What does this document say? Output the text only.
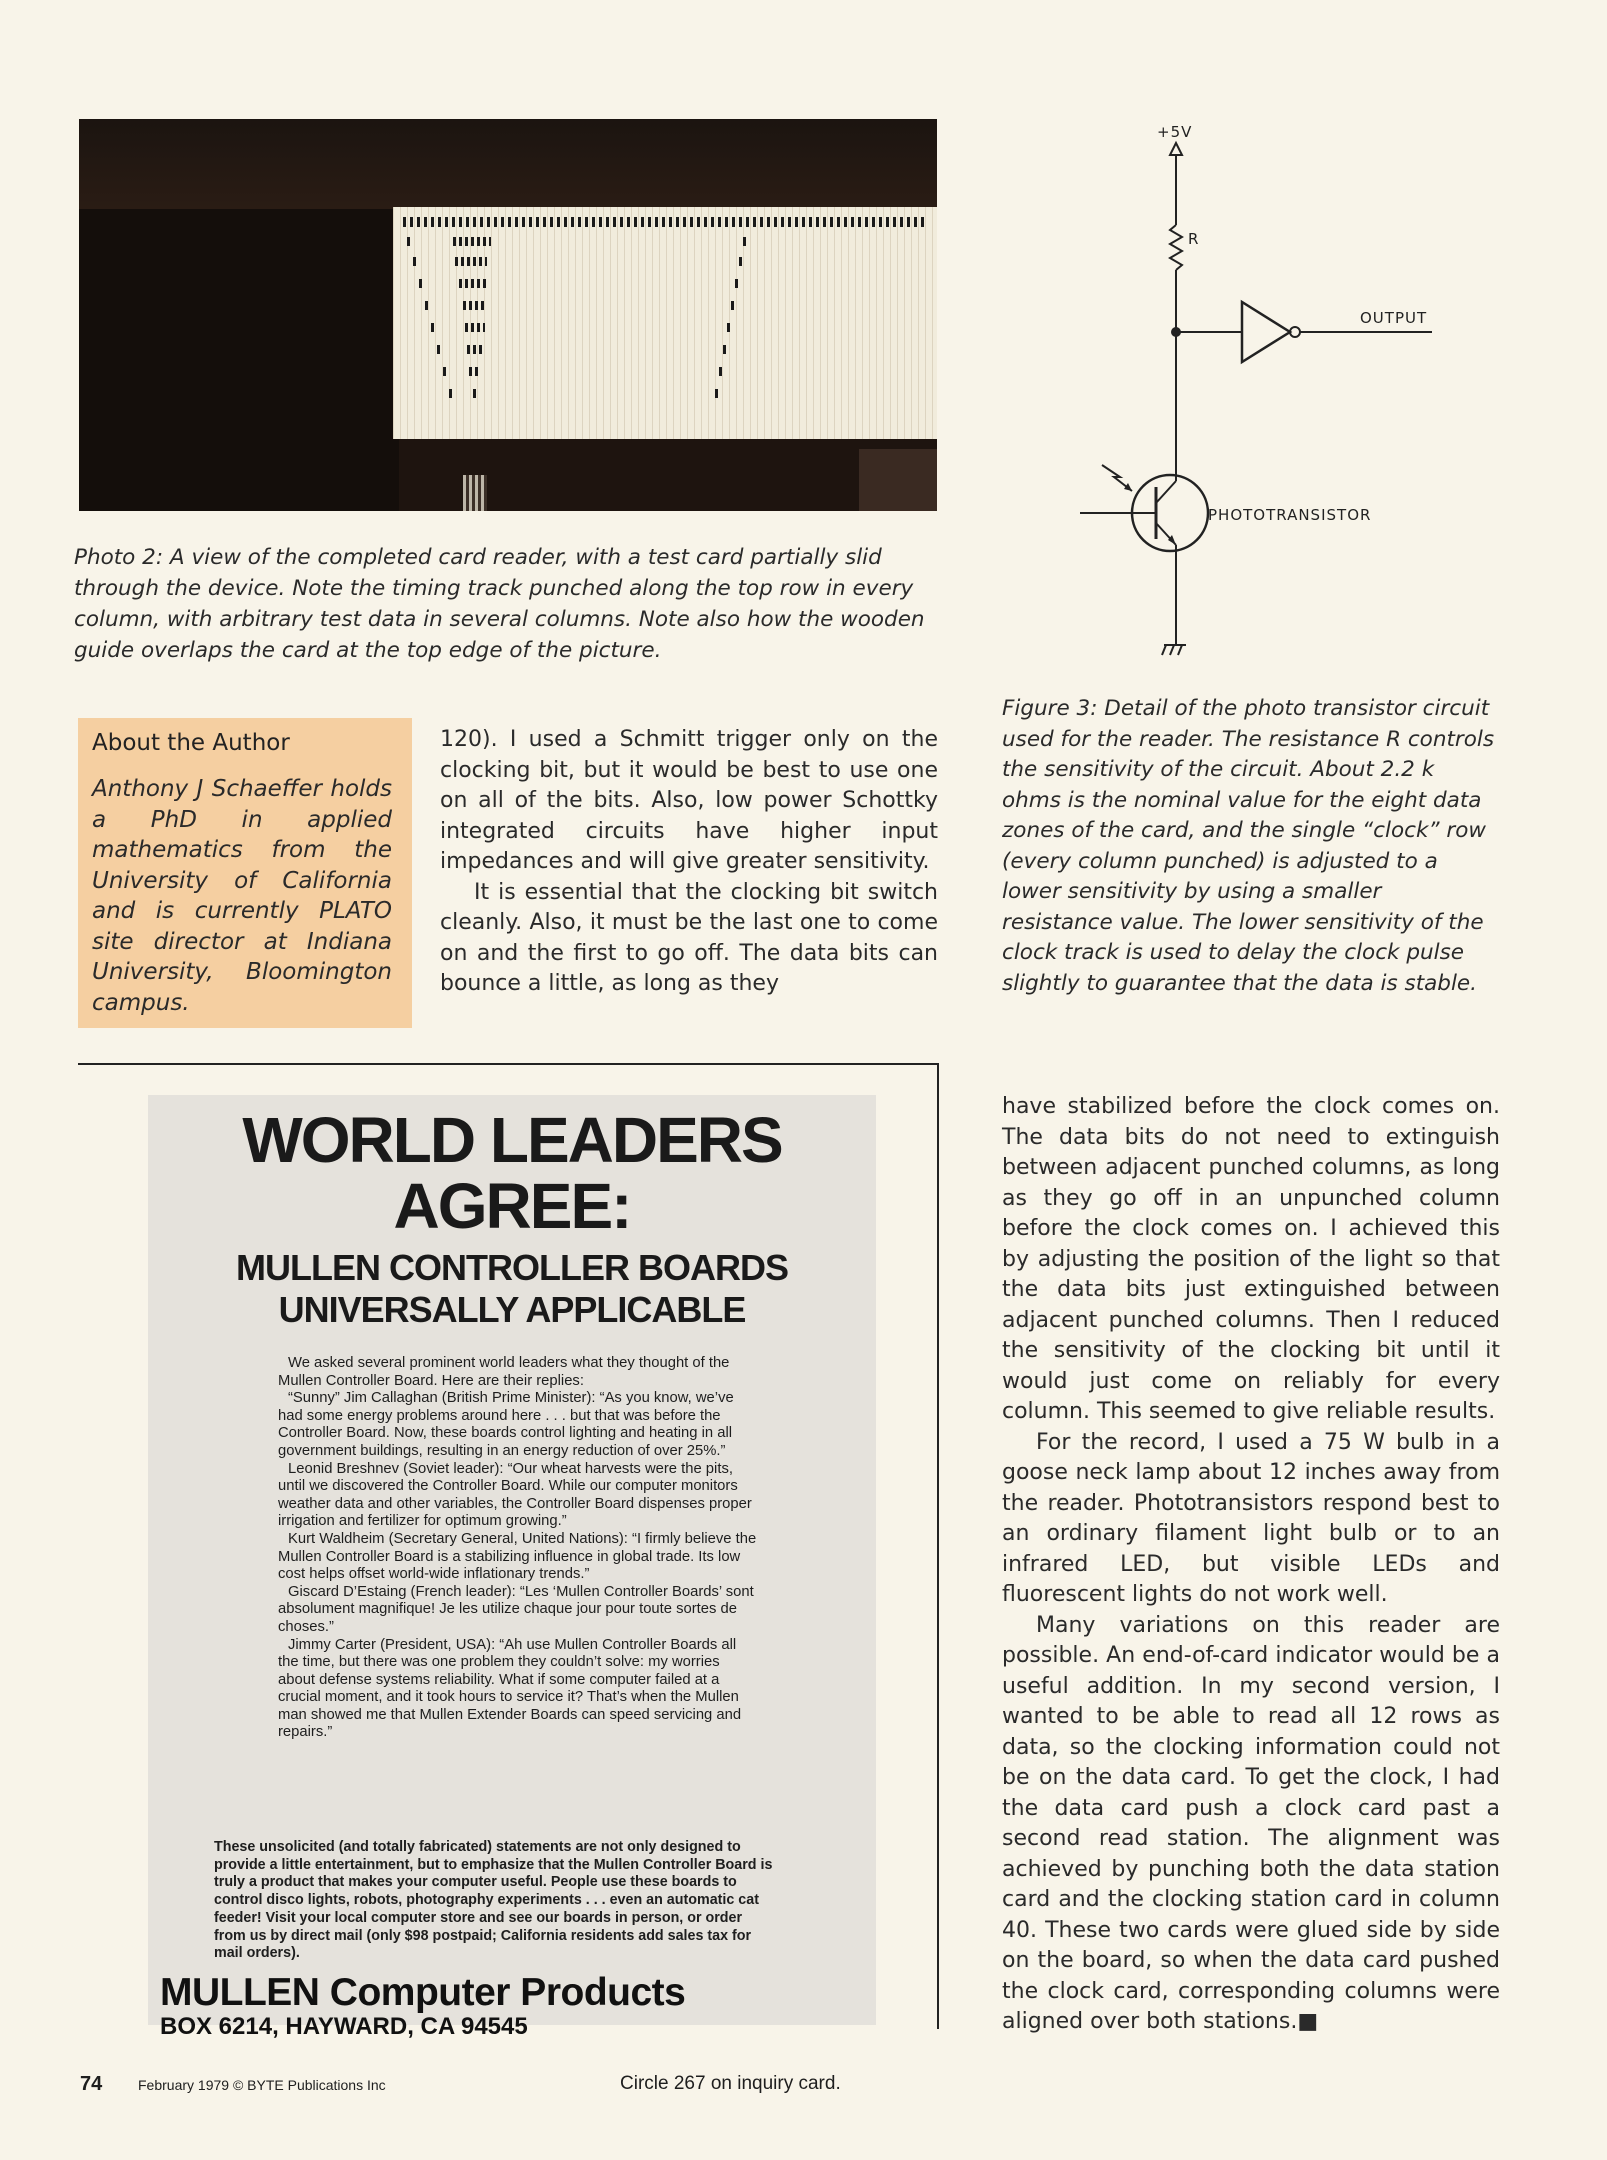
Photo 2: A view of the completed card reader, with a test card partially slid through the device. Note the timing track punched along the top row in every column, with arbitrary test data in several columns. Note also how the wooden guide overlaps the card at the top edge of the picture.
+5V
R
OUTPUT
PHOTOTRANSISTOR
Figure 3: Detail of the photo transistor circuit used for the reader. The resistance R controls the sensitivity of the circuit. About 2.2 k ohms is the nominal value for the eight data zones of the card, and the single “clock” row (every column punched) is adjusted to a lower sensitivity by using a smaller resistance value. The lower sensitivity of the clock track is used to delay the clock pulse slightly to guarantee that the data is stable.
About the Author
Anthony J Schaeffer holds a PhD in applied mathematics from the University of California and is currently PLATO site director at Indiana University, Bloomington campus.

120). I used a Schmitt trigger only on the clocking bit, but it would be best to use one on all of the bits. Also, low power Schottky integrated circuits have higher input impedances and will give greater sensitivity.

It is essential that the clocking bit switch cleanly. Also, it must be the last one to come on and the first to go off. The data bits can bounce a little, as long as they

have stabilized before the clock comes on. The data bits do not need to extinguish between adjacent punched columns, as long as they go off in an unpunched column before the clock comes on. I achieved this by adjusting the position of the light so that the data bits just extinguished between adjacent punched columns. Then I reduced the sensitivity of the clocking bit until it would just come on reliably for every column. This seemed to give reliable results.

For the record, I used a 75 W bulb in a goose neck lamp about 12 inches away from the reader. Phototransistors respond best to an ordinary filament light bulb or to an infrared LED, but visible LEDs and fluorescent lights do not work well.

Many variations on this reader are possible. An end-of-card indicator would be a useful addition. In my second version, I wanted to be able to read all 12 rows as data, so the clocking information could not be on the data card. To get the clock, I had the data card push a clock card past a second read station. The alignment was achieved by punching both the data station card and the clocking station card in column 40. These two cards were glued side by side on the board, so when the data card pushed the clock card, corresponding columns were aligned over both stations.■

WORLD LEADERS
AGREE:
MULLEN CONTROLLER BOARDS
UNIVERSALLY APPLICABLE

We asked several prominent world leaders what they thought of the Mullen Controller Board. Here are their replies:

“Sunny” Jim Callaghan (British Prime Minister): “As you know, we’ve had some energy problems around here . . . but that was before the Controller Board. Now, these boards control lighting and heating in all government buildings, resulting in an energy reduction of over 25%.”

Leonid Breshnev (Soviet leader): “Our wheat harvests were the pits, until we discovered the Controller Board. While our computer monitors weather data and other variables, the Controller Board dispenses proper irrigation and fertilizer for optimum growing.”

Kurt Waldheim (Secretary General, United Nations): “I firmly believe the Mullen Controller Board is a stabilizing influence in global trade. Its low cost helps offset world-wide inflationary trends.”

Giscard D’Estaing (French leader): “Les ‘Mullen Controller Boards’ sont absolument magnifique! Je les utilize chaque jour pour toute sortes de choses.”

Jimmy Carter (President, USA): “Ah use Mullen Controller Boards all the time, but there was one problem they couldn’t solve: my worries about defense systems reliability. What if some computer failed at a crucial moment, and it took hours to service it? That’s when the Mullen man showed me that Mullen Extender Boards can speed servicing and repairs.”

These unsolicited (and totally fabricated) statements are not only designed to provide a little entertainment, but to emphasize that the Mullen Controller Board is truly a product that makes your computer useful. People use these boards to control disco lights, robots, photography experiments . . . even an automatic cat feeder! Visit your local computer store and see our boards in person, or order from us by direct mail (only $98 postpaid; California residents add sales tax for mail orders).
MULLEN Computer Products
BOX 6214, HAYWARD, CA 94545
74	February 1979 © BYTE Publications Inc	Circle 267 on inquiry card.
